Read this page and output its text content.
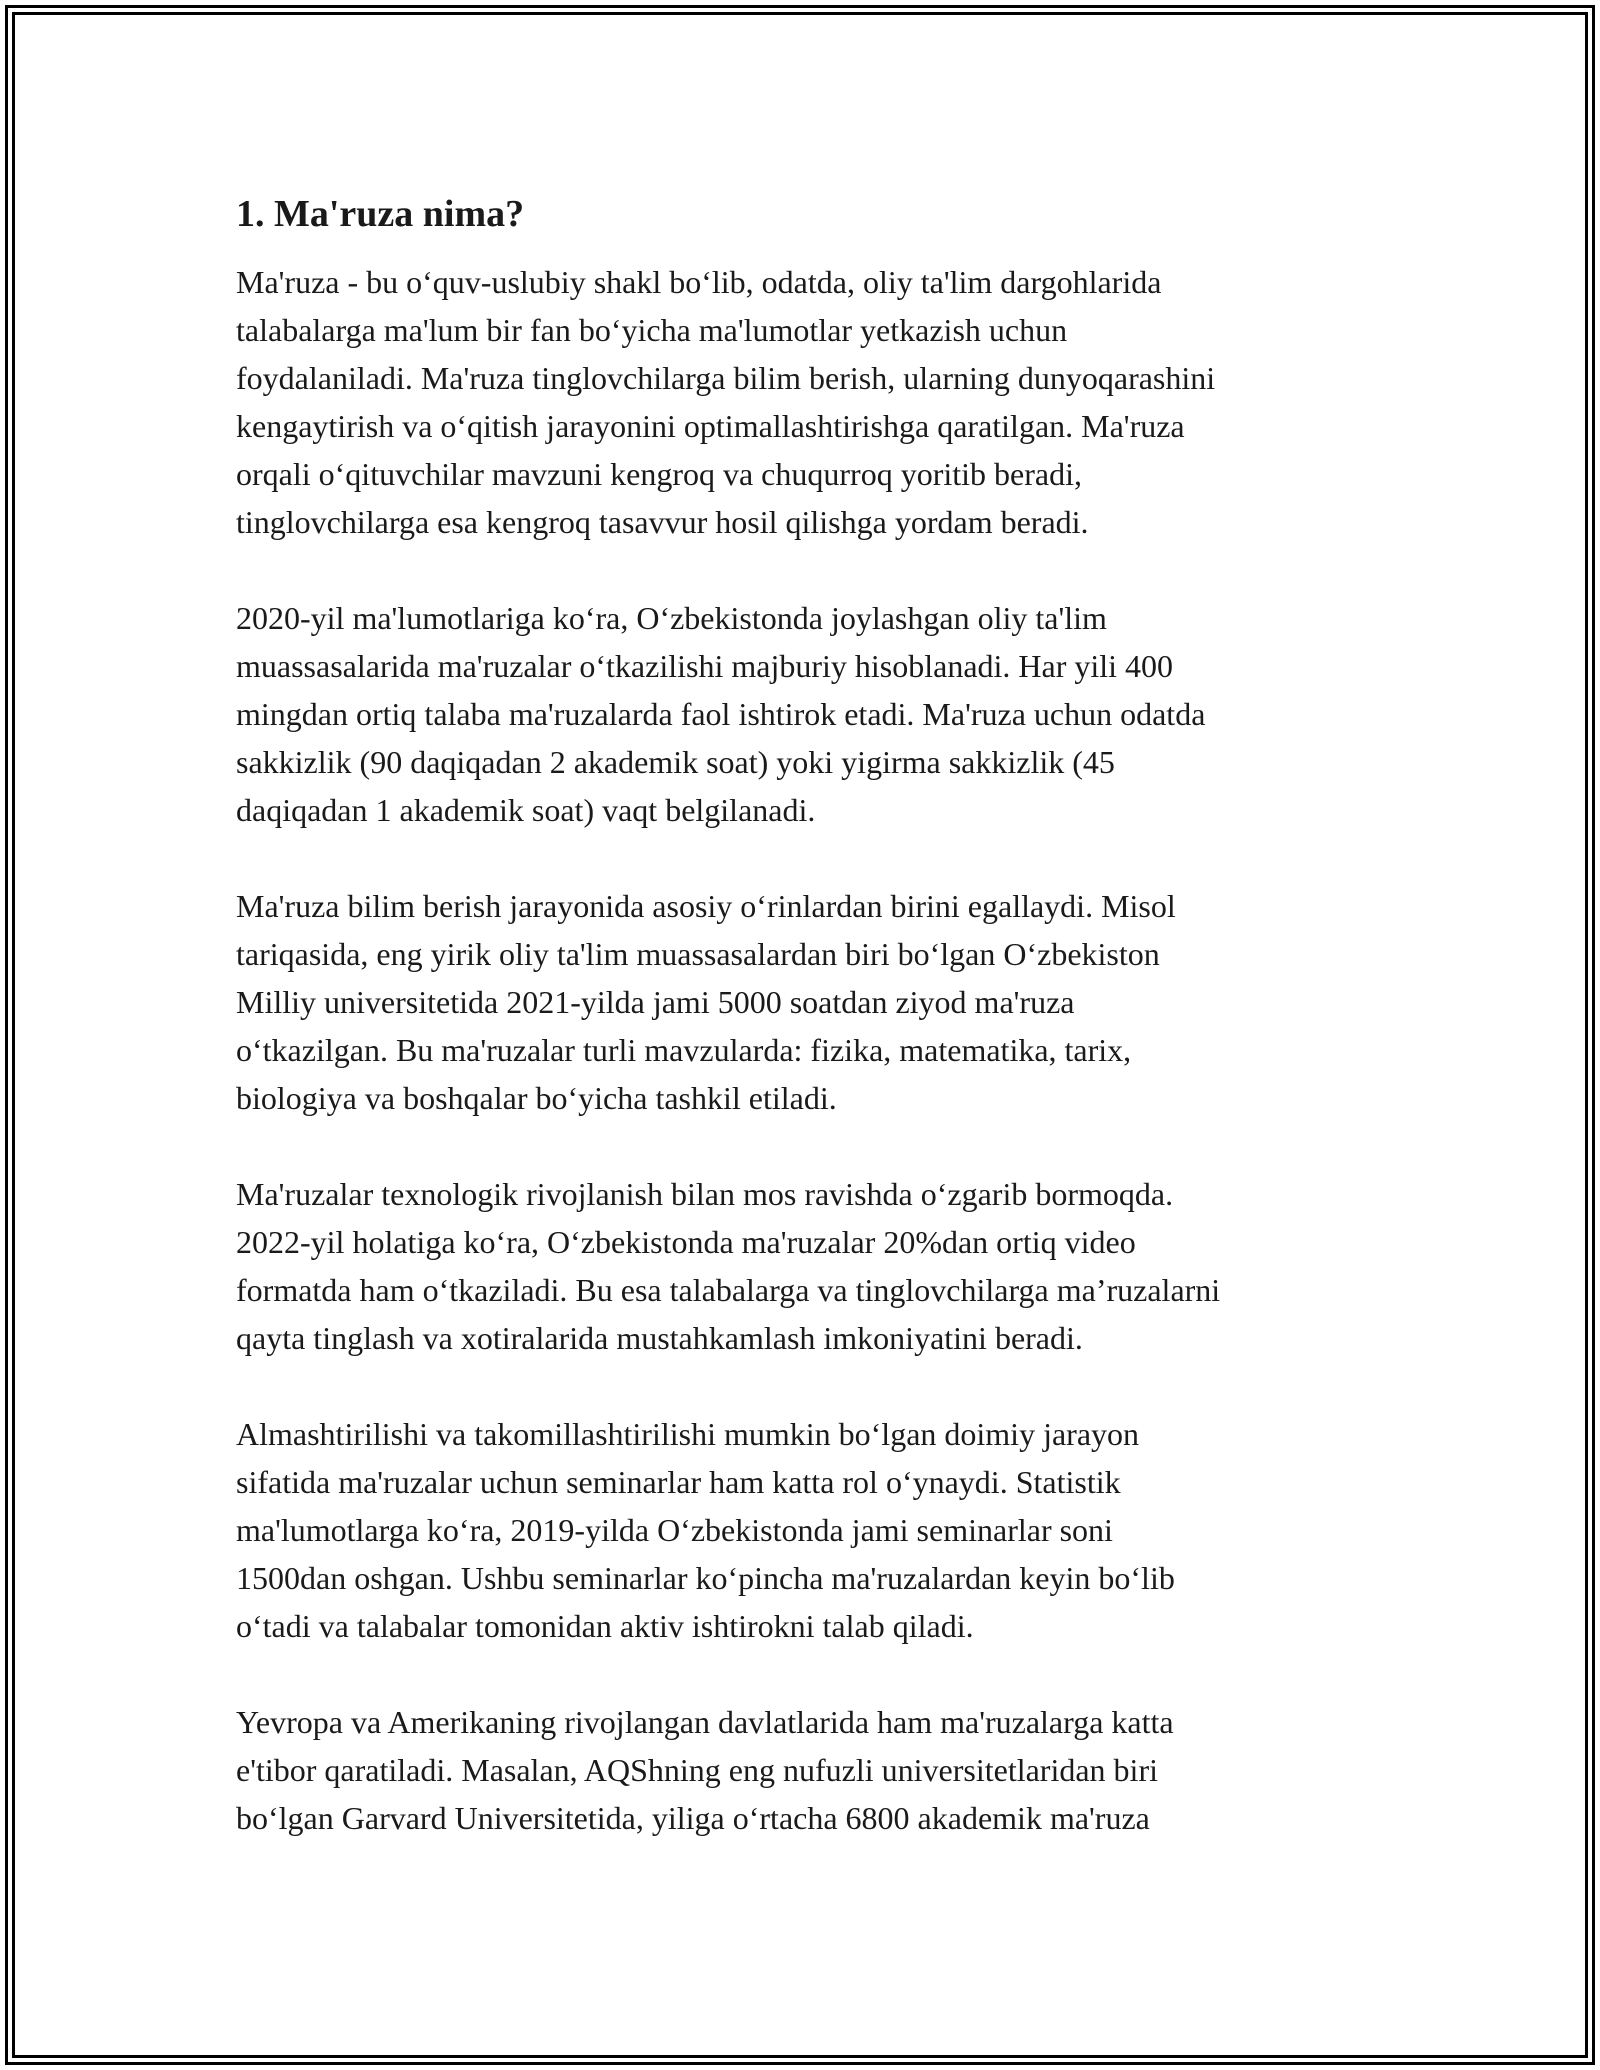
1. Ma'ruza nima?

Ma'ruza - bu o‘quv-uslubiy shakl bo‘lib, odatda, oliy ta'lim dargohlarida
talabalarga ma'lum bir fan bo‘yicha ma'lumotlar yetkazish uchun
foydalaniladi. Ma'ruza tinglovchilarga bilim berish, ularning dunyoqarashini
kengaytirish va o‘qitish jarayonini optimallashtirishga qaratilgan. Ma'ruza
orqali o‘qituvchilar mavzuni kengroq va chuqurroq yoritib beradi,
tinglovchilarga esa kengroq tasavvur hosil qilishga yordam beradi.

2020-yil ma'lumotlariga ko‘ra, O‘zbekistonda joylashgan oliy ta'lim
muassasalarida ma'ruzalar o‘tkazilishi majburiy hisoblanadi. Har yili 400
mingdan ortiq talaba ma'ruzalarda faol ishtirok etadi. Ma'ruza uchun odatda
sakkizlik (90 daqiqadan 2 akademik soat) yoki yigirma sakkizlik (45
daqiqadan 1 akademik soat) vaqt belgilanadi.

Ma'ruza bilim berish jarayonida asosiy o‘rinlardan birini egallaydi. Misol
tariqasida, eng yirik oliy ta'lim muassasalardan biri bo‘lgan O‘zbekiston
Milliy universitetida 2021-yilda jami 5000 soatdan ziyod ma'ruza
o‘tkazilgan. Bu ma'ruzalar turli mavzularda: fizika, matematika, tarix,
biologiya va boshqalar bo‘yicha tashkil etiladi.

Ma'ruzalar texnologik rivojlanish bilan mos ravishda o‘zgarib bormoqda.
2022-yil holatiga ko‘ra, O‘zbekistonda ma'ruzalar 20%dan ortiq video
formatda ham o‘tkaziladi. Bu esa talabalarga va tinglovchilarga ma’ruzalarni
qayta tinglash va xotiralarida mustahkamlash imkoniyatini beradi.

Almashtirilishi va takomillashtirilishi mumkin bo‘lgan doimiy jarayon
sifatida ma'ruzalar uchun seminarlar ham katta rol o‘ynaydi. Statistik
ma'lumotlarga ko‘ra, 2019-yilda O‘zbekistonda jami seminarlar soni
1500dan oshgan. Ushbu seminarlar ko‘pincha ma'ruzalardan keyin bo‘lib
o‘tadi va talabalar tomonidan aktiv ishtirokni talab qiladi.

Yevropa va Amerikaning rivojlangan davlatlarida ham ma'ruzalarga katta
e'tibor qaratiladi. Masalan, AQShning eng nufuzli universitetlaridan biri
bo‘lgan Garvard Universitetida, yiliga o‘rtacha 6800 akademik ma'ruza
